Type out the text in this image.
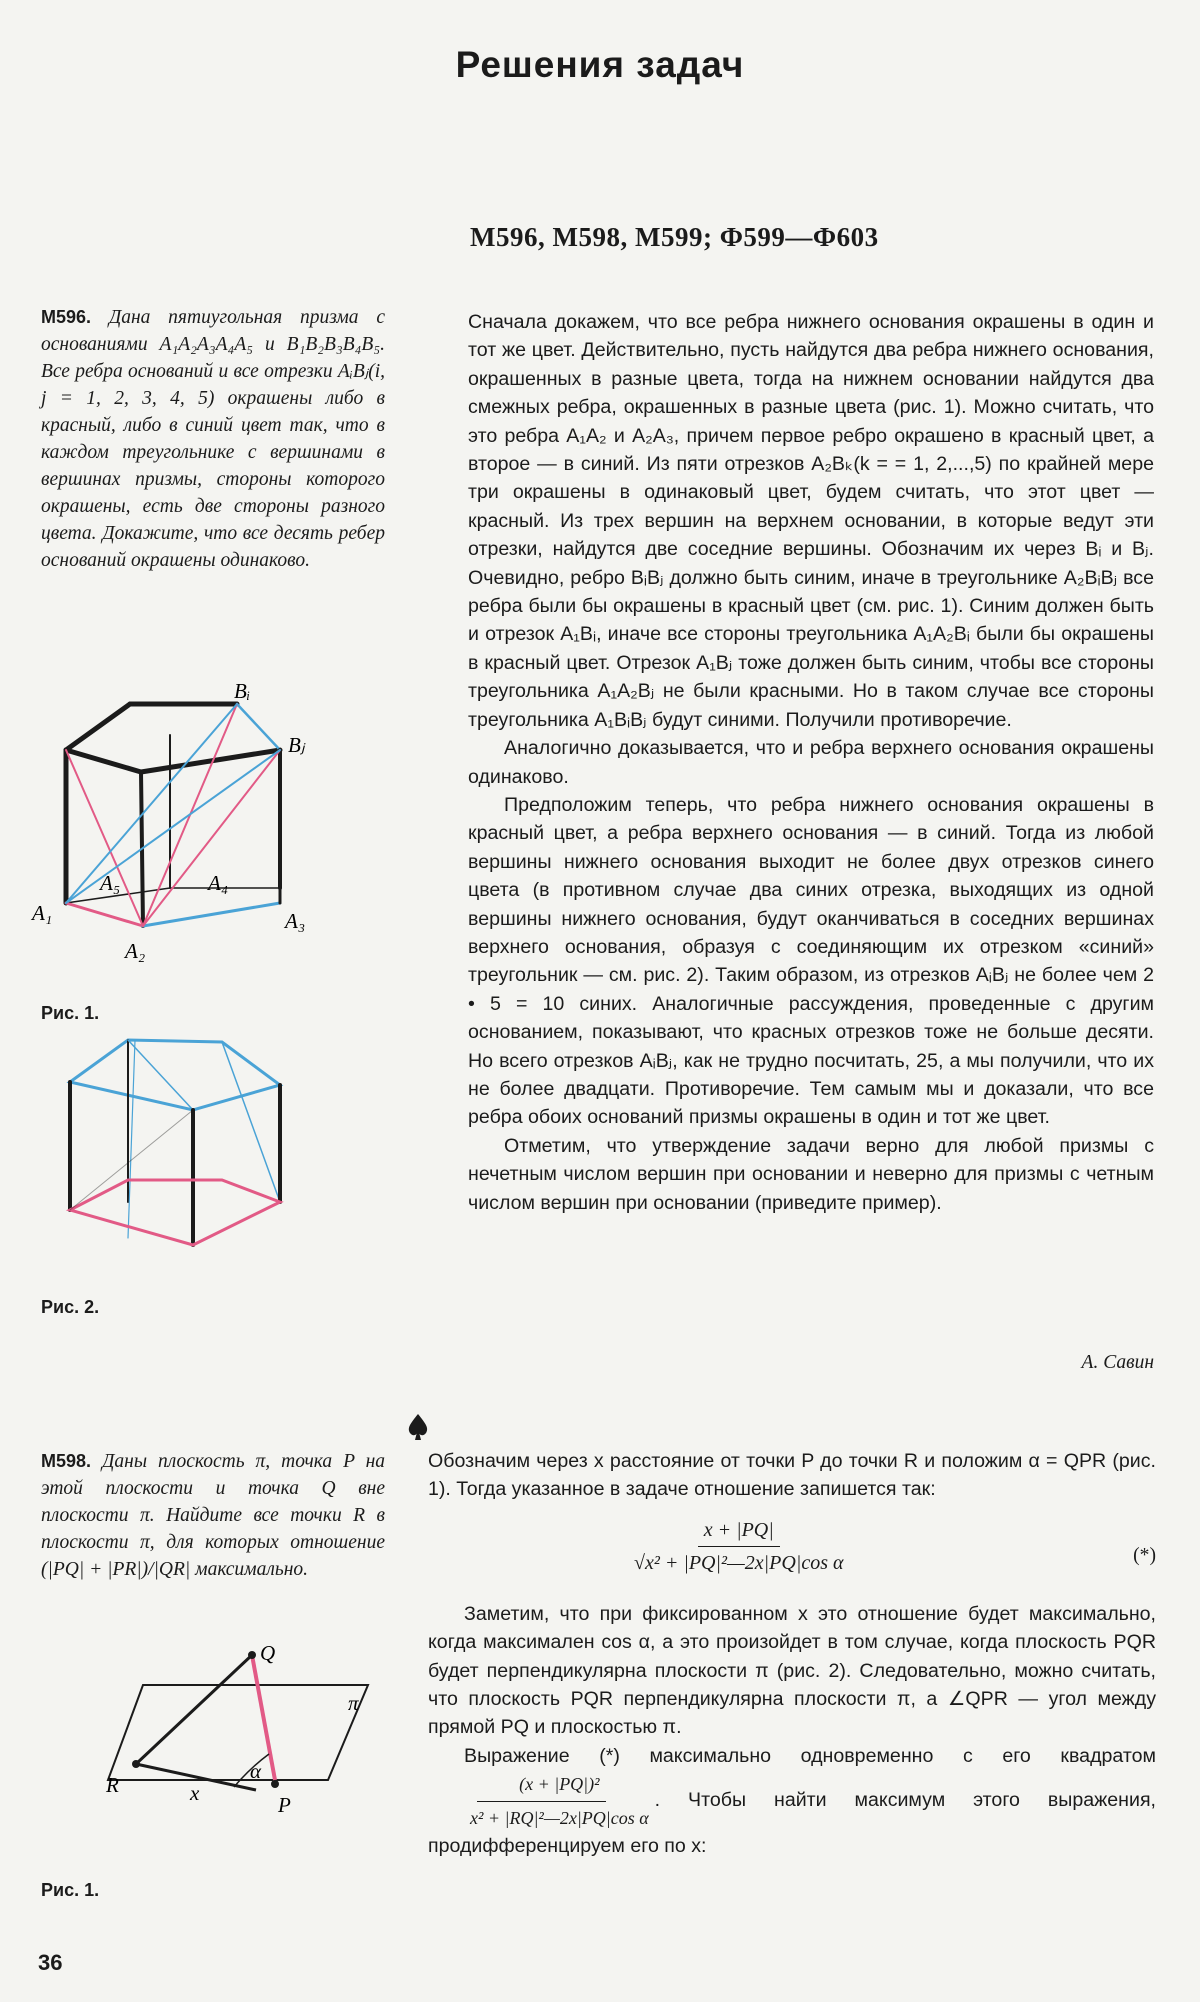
Решения задач
М596, М598, М599; Ф599—Ф603
М596. Дана пятиугольная призма с основаниями A₁A₂A₃A₄A₅ и B₁B₂B₃B₄B₅. Все ребра оснований и все отрезки AᵢBⱼ(i, j = 1, 2, 3, 4, 5) окрашены либо в красный, либо в синий цвет так, что в каждом треугольнике с вершинами в вершинах призмы, стороны которого окрашены, есть две стороны разного цвета. Докажите, что все десять ребер оснований окрашены одинаково.
Bᵢ
Bⱼ
A₁
A₂
A₃
A₄
A₅
Рис. 1.
Рис. 2.

Сначала докажем, что все ребра нижнего основания окрашены в один и тот же цвет. Действительно, пусть найдутся два ребра нижнего основания, окрашенных в разные цвета, тогда на нижнем основании найдутся два смежных ребра, окрашенных в разные цвета (рис. 1). Можно считать, что это ребра A₁A₂ и A₂A₃, причем первое ребро окрашено в красный цвет, а второе — в синий. Из пяти отрезков A₂Bₖ(k = = 1, 2,...,5) по крайней мере три окрашены в одинаковый цвет, будем считать, что этот цвет — красный. Из трех вершин на верхнем основании, в которые ведут эти отрезки, найдутся две соседние вершины. Обозначим их через Bᵢ и Bⱼ. Очевидно, ребро BᵢBⱼ должно быть синим, иначе в треугольнике A₂BᵢBⱼ все ребра были бы окрашены в красный цвет (см. рис. 1). Синим должен быть и отрезок A₁Bᵢ, иначе все стороны треугольника A₁A₂Bᵢ были бы окрашены в красный цвет. Отрезок A₁Bⱼ тоже должен быть синим, чтобы все стороны треугольника A₁A₂Bⱼ не были красными. Но в таком случае все стороны треугольника A₁BᵢBⱼ будут синими. Получили противоречие.

Аналогично доказывается, что и ребра верхнего основания окрашены одинаково.

Предположим теперь, что ребра нижнего основания окрашены в красный цвет, а ребра верхнего основания — в синий. Тогда из любой вершины нижнего основания выходит не более двух отрезков синего цвета (в противном случае два синих отрезка, выходящих из одной вершины нижнего основания, будут оканчиваться в соседних вершинах верхнего основания, образуя с соединяющим их отрезком «синий» треугольник — см. рис. 2). Таким образом, из отрезков AᵢBⱼ не более чем 2 • 5 = 10 синих. Аналогичные рассуждения, проведенные с другим основанием, показывают, что красных отрезков тоже не больше десяти. Но всего отрезков AᵢBⱼ, как не трудно посчитать, 25, а мы получили, что их не более двадцати. Противоречие. Тем самым мы и доказали, что все ребра обоих оснований призмы окрашены в один и тот же цвет.

Отметим, что утверждение задачи верно для любой призмы с нечетным числом вершин при основании и неверно для призмы с четным числом вершин при основании (приведите пример).

А. Савин
М598. Даны плоскость π, точка P на этой плоскости и точка Q вне плоскости π. Найдите все точки R в плоскости π, для которых отношение (|PQ| + |PR|)/|QR| максимально.
Q
R
P
x
α
π
Рис. 1.

Обозначим через x расстояние от точки P до точки R и положим α = QPR (рис. 1). Тогда указанное в задаче отношение запишется так:

$\frac{x + |PQ|}{\text{√x² + |PQ|²—2x|PQ|cos α}}$	(*)

Заметим, что при фиксированном x это отношение будет максимально, когда максимален cos α, а это произойдет в том случае, когда плоскость PQR будет перпендикулярна плоскости π (рис. 2). Следовательно, можно считать, что плоскость PQR перпендикулярна плоскости π, а ∠QPR — угол между прямой PQ и плоскостью π.

Выражение (*) максимально одновременно с его квадратом
$\frac{\text{(x + |PQ|)²}}{\text{x² + |RQ|²—2x|PQ|cos α}}$ . Чтобы найти максимум этого выражения, продифференцируем его по x:

36
